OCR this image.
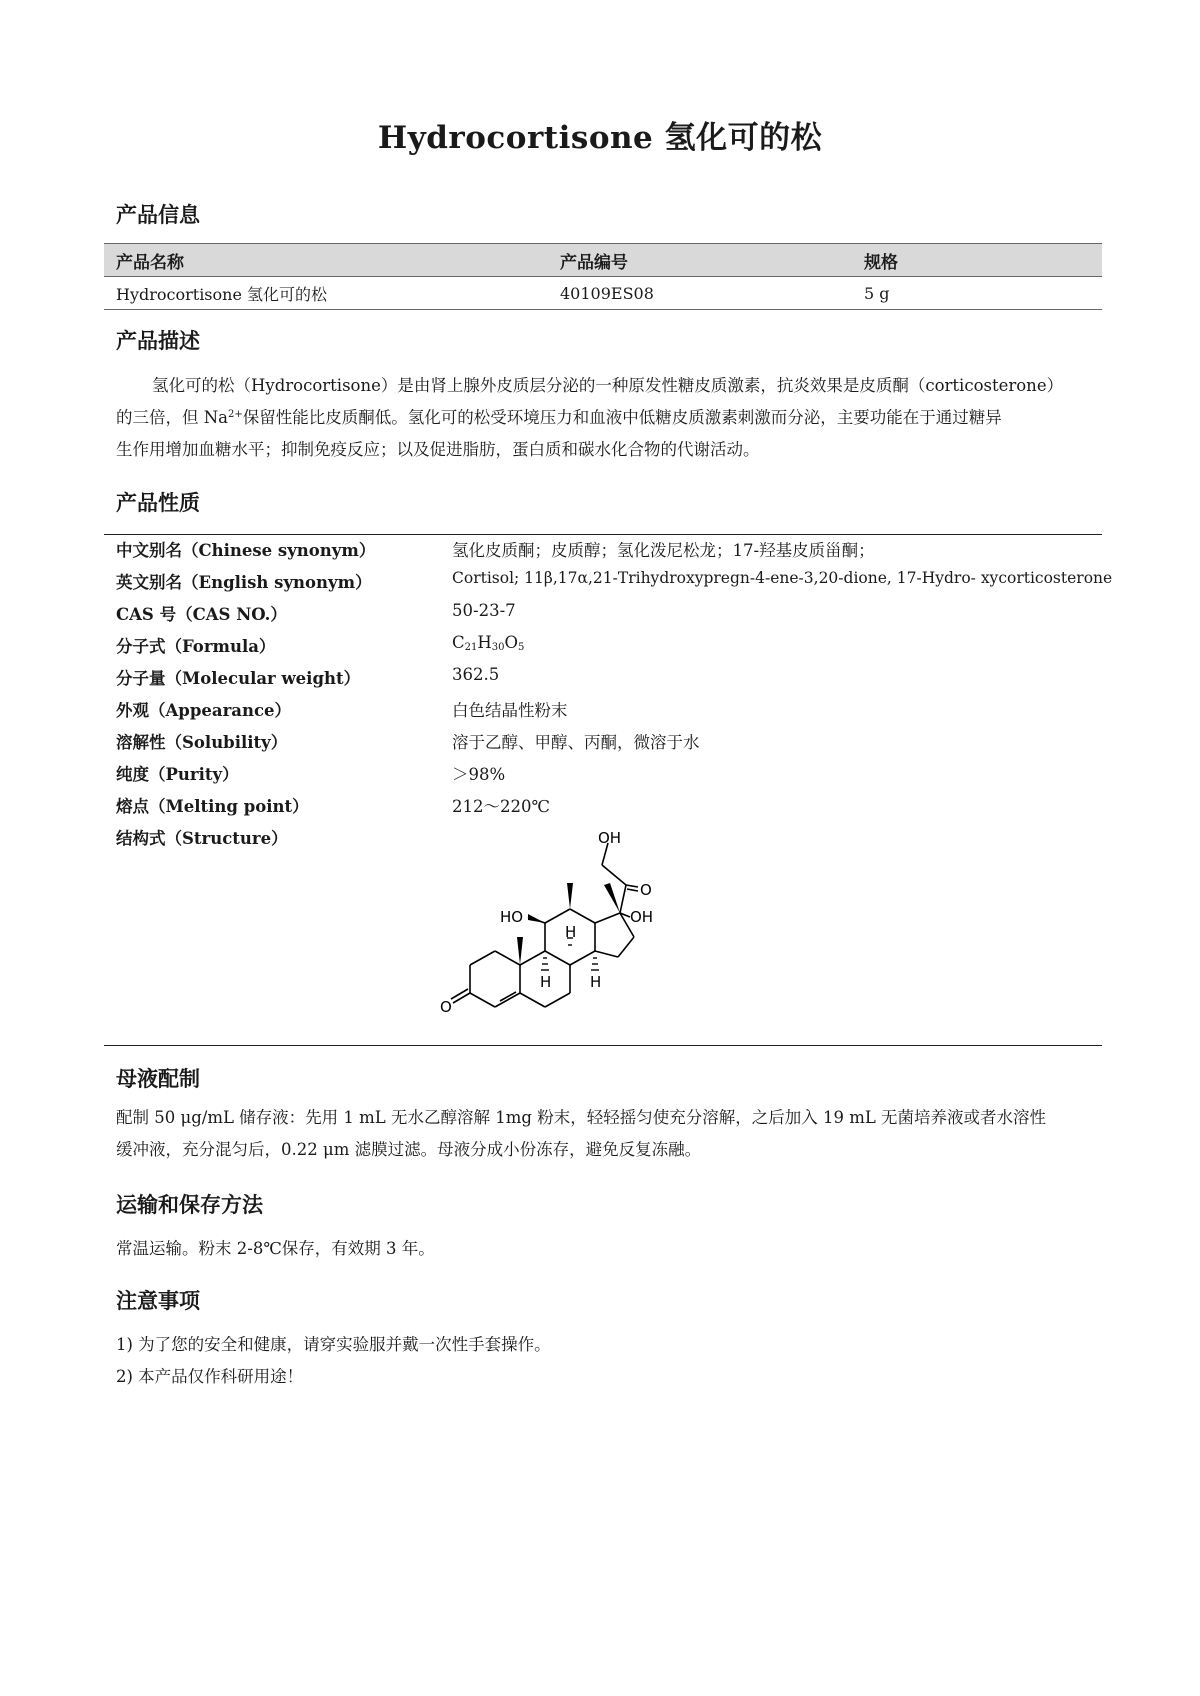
Hydrocortisone 氢化可的松
产品信息
产品名称	产品编号	规格
Hydrocortisone 氢化可的松	40109ES08	5 g
产品描述
氢化可的松（Hydrocortisone）是由肾上腺外皮质层分泌的一种原发性糖皮质激素，抗炎效果是皮质酮（corticosterone）
的三倍，但 $Na^{2+}$保留性能比皮质酮低。氢化可的松受环境压力和血液中低糖皮质激素刺激而分泌，主要功能在于通过糖异
生作用增加血糖水平；抑制免疫反应；以及促进脂肪，蛋白质和碳水化合物的代谢活动。
产品性质
中文别名（Chinese synonym）	氢化皮质酮；皮质醇；氢化泼尼松龙；17-羟基皮质甾酮；
英文别名（English synonym）	Cortisol; 11β,17α,21-Trihydroxypregn-4-ene-3,20-dione, 17-Hydro- xycorticosterone
CAS 号（CAS NO.）	50-23-7
分子式（Formula）	$C_{21}H_{30}O_5$
分子量（Molecular weight）	362.5
外观（Appearance）	白色结晶性粉末
溶解性（Solubility）	溶于乙醇、甲醇、丙酮，微溶于水
纯度（Purity）	＞98%
熔点（Melting point）	212～220℃
结构式（Structure）	OH
O
OH
HO
H
H	H
O
母液配制
配制 50 μg/mL 储存液：先用 1 mL 无水乙醇溶解 1mg 粉末，轻轻摇匀使充分溶解，之后加入 19 mL 无菌培养液或者水溶性
缓冲液，充分混匀后，0.22 μm 滤膜过滤。母液分成小份冻存，避免反复冻融。
运输和保存方法
常温运输。粉末 2-8℃保存，有效期 3 年。
注意事项
1) 为了您的安全和健康，请穿实验服并戴一次性手套操作。
2) 本产品仅作科研用途！
